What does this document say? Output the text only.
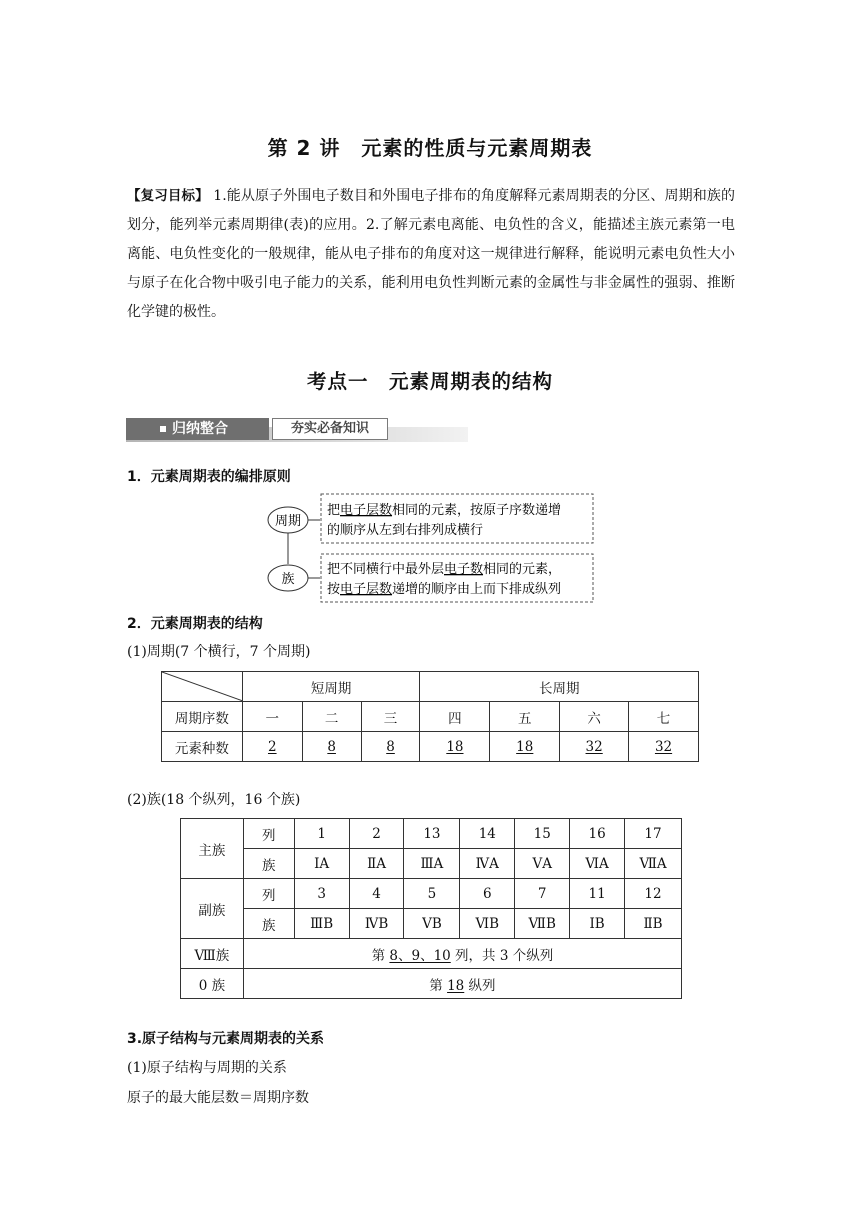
第 2 讲　元素的性质与元素周期表
【复习目标】 1.能从原子外围电子数目和外围电子排布的角度解释元素周期表的分区、周期和族的划分，能列举元素周期律(表)的应用。2.了解元素电离能、电负性的含义，能描述主族元素第一电离能、电负性变化的一般规律，能从电子排布的角度对这一规律进行解释，能说明元素电负性大小与原子在化合物中吸引电子能力的关系，能利用电负性判断元素的金属性与非金属性的强弱、推断化学键的极性。
考点一　元素周期表的结构
归纳整合	夯实必备知识
1．元素周期表的编排原则
周期
把电子层数相同的元素，按原子序数递增
的顺序从左到右排列成横行
族
把不同横行中最外层电子数相同的元素，
按电子层数递增的顺序由上而下排成纵列
2．元素周期表的结构
(1)周期(7 个横行，7 个周期)
	短周期			长周期			
周期序数	一	二	三	四	五	六	七
元素种数	2	8	8	18	18	32	32
(2)族(18 个纵列，16 个族)
主族	列	1	2	13	14	15	16	17
	族	ⅠA	ⅡA	ⅢA	ⅣA	ⅤA	ⅥA	ⅦA
副族	列	3	4	5	6	7	11	12
	族	ⅢB	ⅣB	ⅤB	ⅥB	ⅦB	ⅠB	ⅡB
Ⅷ族	第 8、9、10 列，共 3 个纵列							
0 族	第 18 纵列							
3.原子结构与元素周期表的关系
(1)原子结构与周期的关系
原子的最大能层数＝周期序数
